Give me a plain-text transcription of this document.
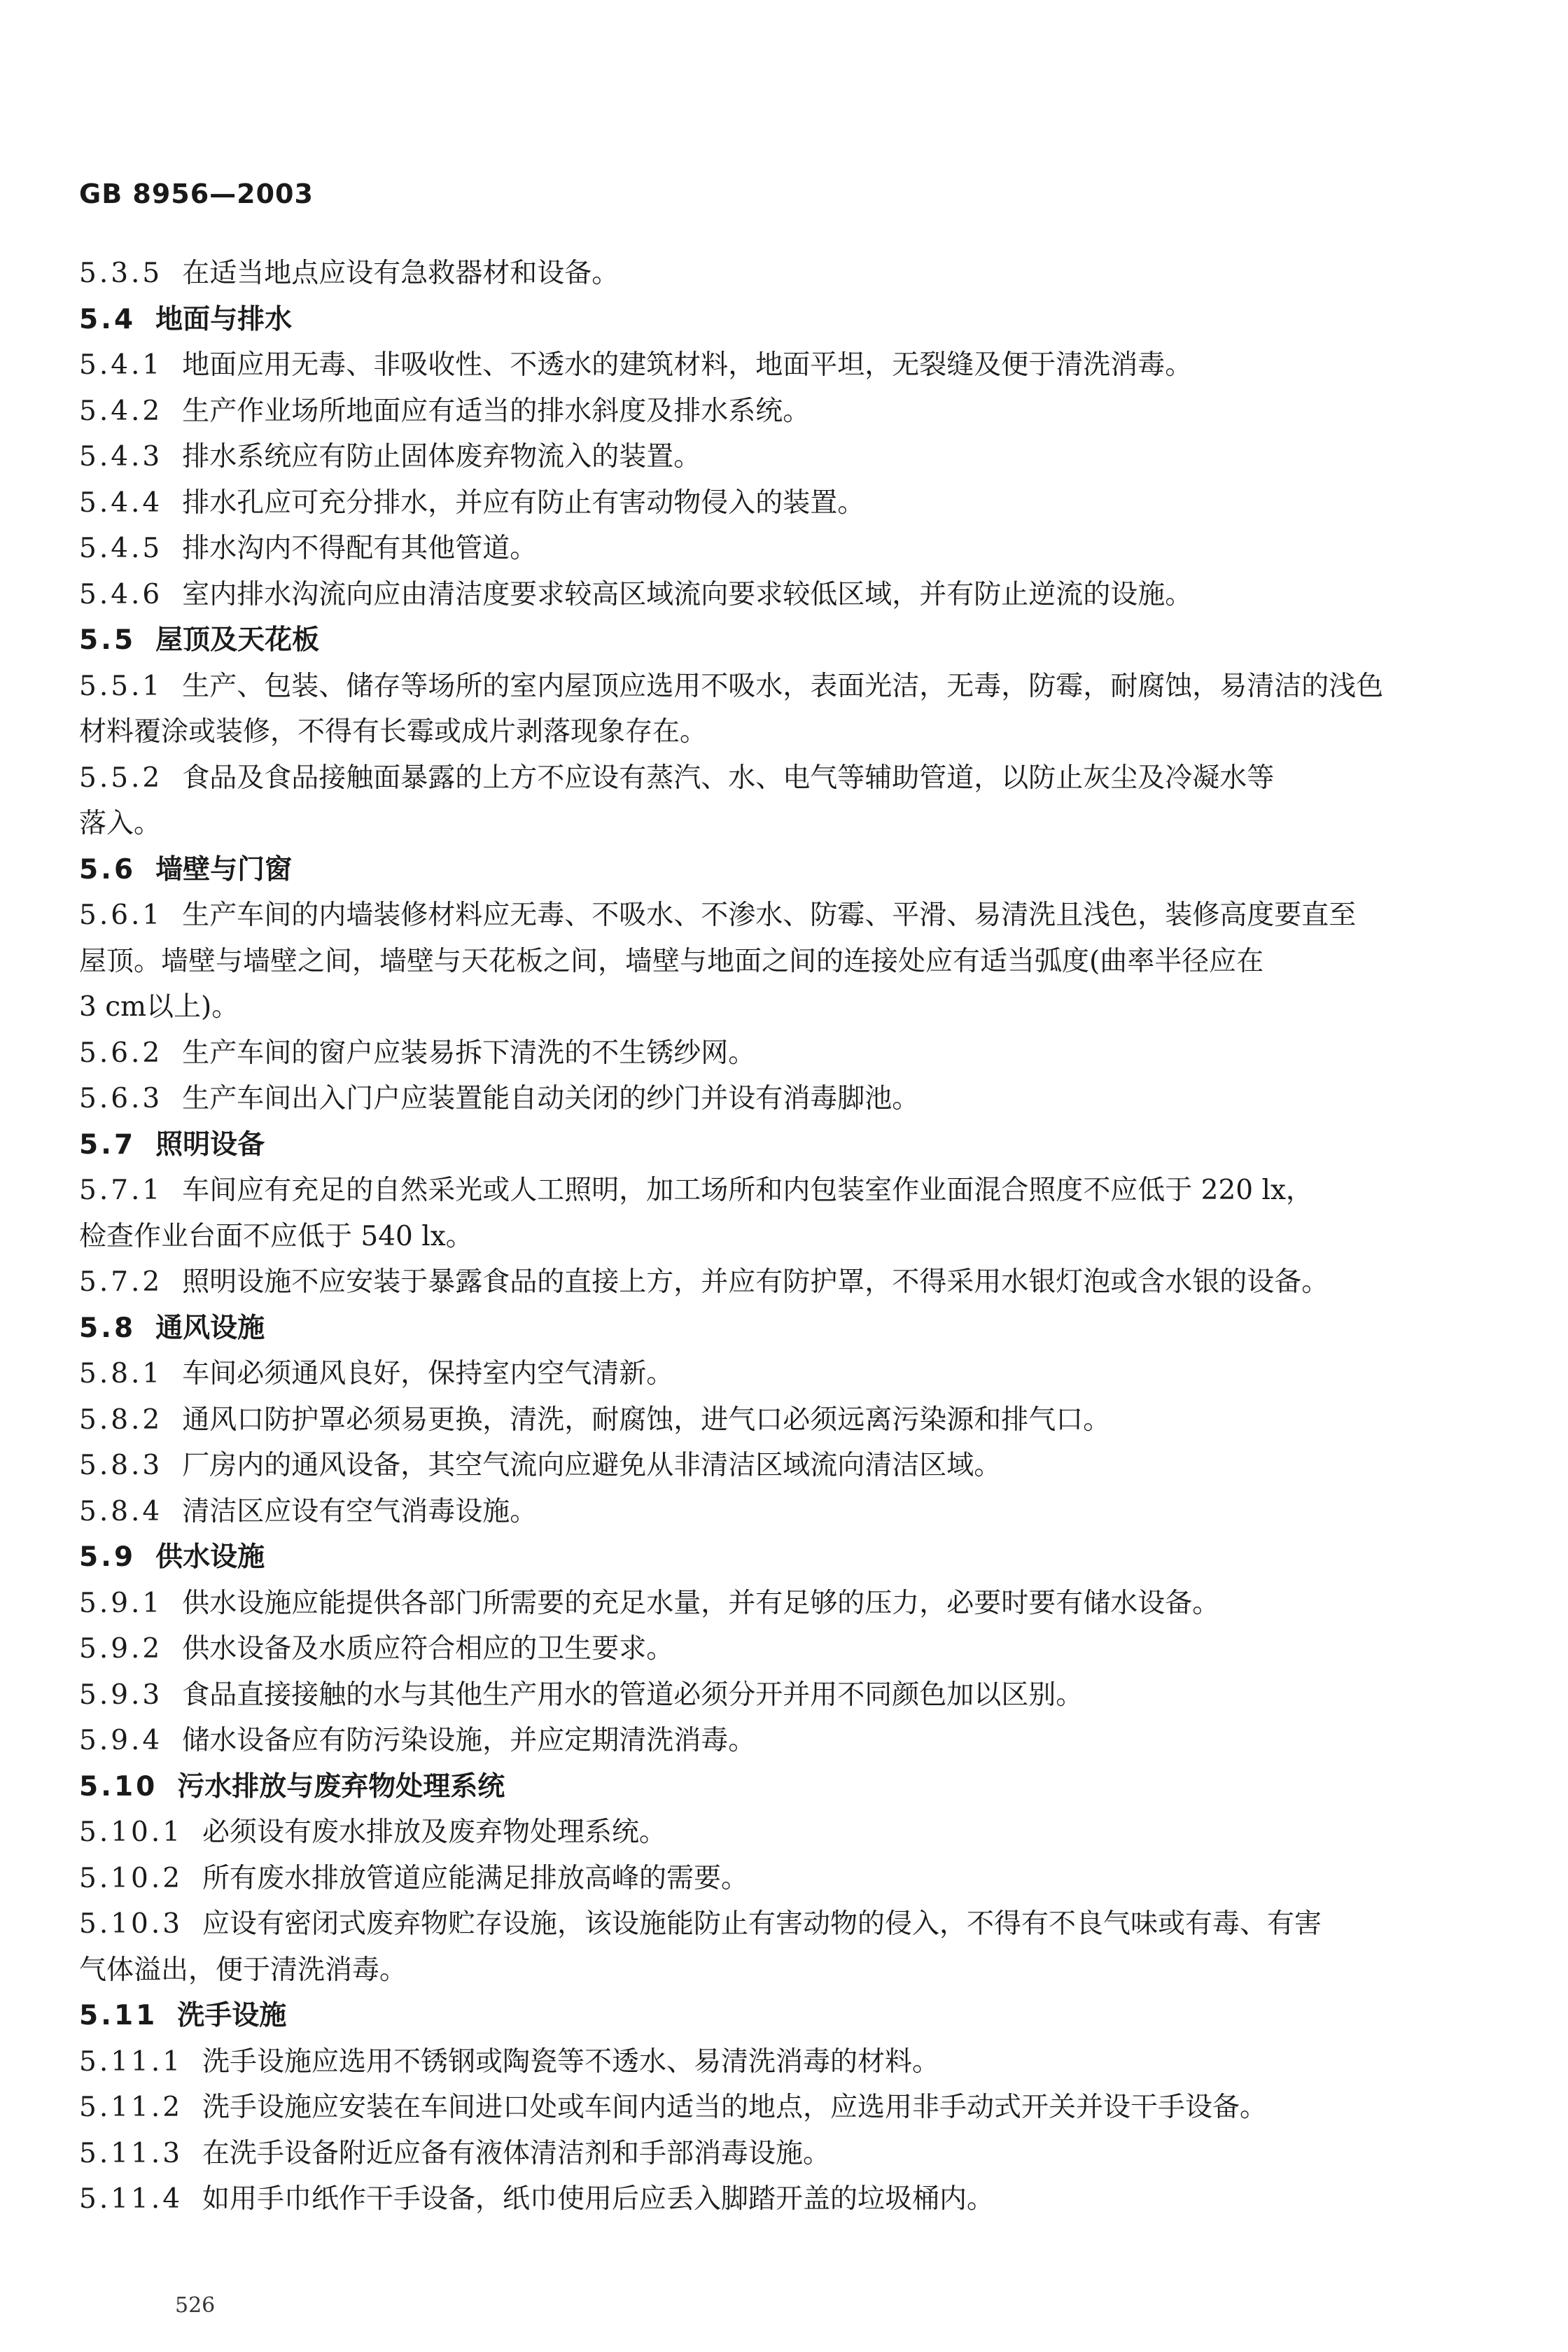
GB 8956—2003
5.3.5 在适当地点应设有急救器材和设备。
5.4 地面与排水
5.4.1 地面应用无毒、非吸收性、不透水的建筑材料，地面平坦，无裂缝及便于清洗消毒。
5.4.2 生产作业场所地面应有适当的排水斜度及排水系统。
5.4.3 排水系统应有防止固体废弃物流入的装置。
5.4.4 排水孔应可充分排水，并应有防止有害动物侵入的装置。
5.4.5 排水沟内不得配有其他管道。
5.4.6 室内排水沟流向应由清洁度要求较高区域流向要求较低区域，并有防止逆流的设施。
5.5 屋顶及天花板
5.5.1 生产、包装、储存等场所的室内屋顶应选用不吸水，表面光洁，无毒，防霉，耐腐蚀，易清洁的浅色
材料覆涂或装修，不得有长霉或成片剥落现象存在。
5.5.2 食品及食品接触面暴露的上方不应设有蒸汽、水、电气等辅助管道，以防止灰尘及冷凝水等
落入。
5.6 墙壁与门窗
5.6.1 生产车间的内墙装修材料应无毒、不吸水、不渗水、防霉、平滑、易清洗且浅色，装修高度要直至
屋顶。墙壁与墙壁之间，墙壁与天花板之间，墙壁与地面之间的连接处应有适当弧度(曲率半径应在
3 cm以上)。
5.6.2 生产车间的窗户应装易拆下清洗的不生锈纱网。
5.6.3 生产车间出入门户应装置能自动关闭的纱门并设有消毒脚池。
5.7 照明设备
5.7.1 车间应有充足的自然采光或人工照明，加工场所和内包装室作业面混合照度不应低于 220 lx，
检查作业台面不应低于 540 lx。
5.7.2 照明设施不应安装于暴露食品的直接上方，并应有防护罩，不得采用水银灯泡或含水银的设备。
5.8 通风设施
5.8.1 车间必须通风良好，保持室内空气清新。
5.8.2 通风口防护罩必须易更换，清洗，耐腐蚀，进气口必须远离污染源和排气口。
5.8.3 厂房内的通风设备，其空气流向应避免从非清洁区域流向清洁区域。
5.8.4 清洁区应设有空气消毒设施。
5.9 供水设施
5.9.1 供水设施应能提供各部门所需要的充足水量，并有足够的压力，必要时要有储水设备。
5.9.2 供水设备及水质应符合相应的卫生要求。
5.9.3 食品直接接触的水与其他生产用水的管道必须分开并用不同颜色加以区别。
5.9.4 储水设备应有防污染设施，并应定期清洗消毒。
5.10 污水排放与废弃物处理系统
5.10.1 必须设有废水排放及废弃物处理系统。
5.10.2 所有废水排放管道应能满足排放高峰的需要。
5.10.3 应设有密闭式废弃物贮存设施，该设施能防止有害动物的侵入，不得有不良气味或有毒、有害
气体溢出，便于清洗消毒。
5.11 洗手设施
5.11.1 洗手设施应选用不锈钢或陶瓷等不透水、易清洗消毒的材料。
5.11.2 洗手设施应安装在车间进口处或车间内适当的地点，应选用非手动式开关并设干手设备。
5.11.3 在洗手设备附近应备有液体清洁剂和手部消毒设施。
5.11.4 如用手巾纸作干手设备，纸巾使用后应丢入脚踏开盖的垃圾桶内。
526
